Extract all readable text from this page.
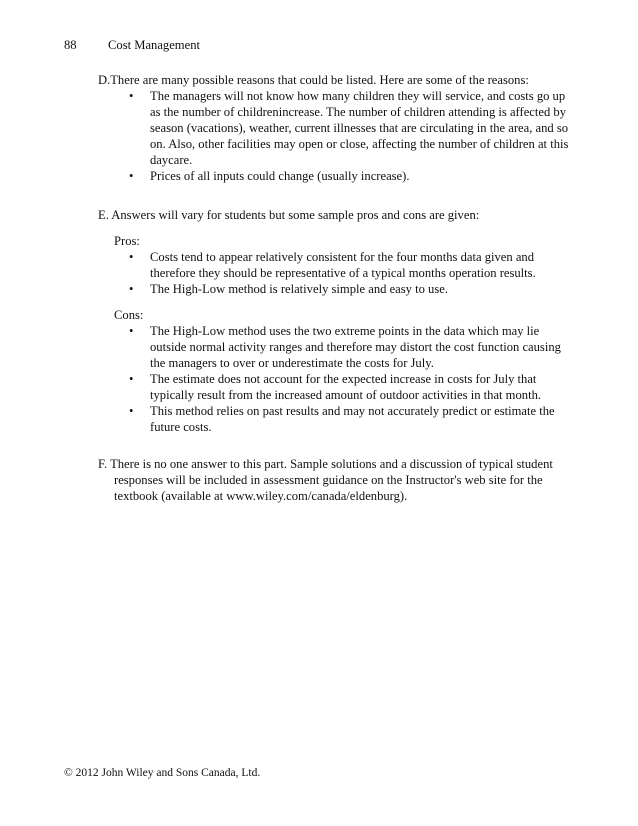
88 Cost Management
D.There are many possible reasons that could be listed. Here are some of the reasons:
• The managers will not know how many children they will service, and costs go up as the number of childrenincrease. The number of children attending is affected by season (vacations), weather, current illnesses that are circulating in the area, and so on. Also, other facilities may open or close, affecting the number of children at this daycare.
• Prices of all inputs could change (usually increase).
E. Answers will vary for students but some sample pros and cons are given:
Pros:
• Costs tend to appear relatively consistent for the four months data given and therefore they should be representative of a typical months operation results.
• The High-Low method is relatively simple and easy to use.
Cons:
• The High-Low method uses the two extreme points in the data which may lie outside normal activity ranges and therefore may distort the cost function causing the managers to over or underestimate the costs for July.
• The estimate does not account for the expected increase in costs for July that typically result from the increased amount of outdoor activities in that month.
• This method relies on past results and may not accurately predict or estimate the future costs.
F. There is no one answer to this part. Sample solutions and a discussion of typical student responses will be included in assessment guidance on the Instructor's web site for the textbook (available at www.wiley.com/canada/eldenburg).
© 2012 John Wiley and Sons Canada, Ltd.
